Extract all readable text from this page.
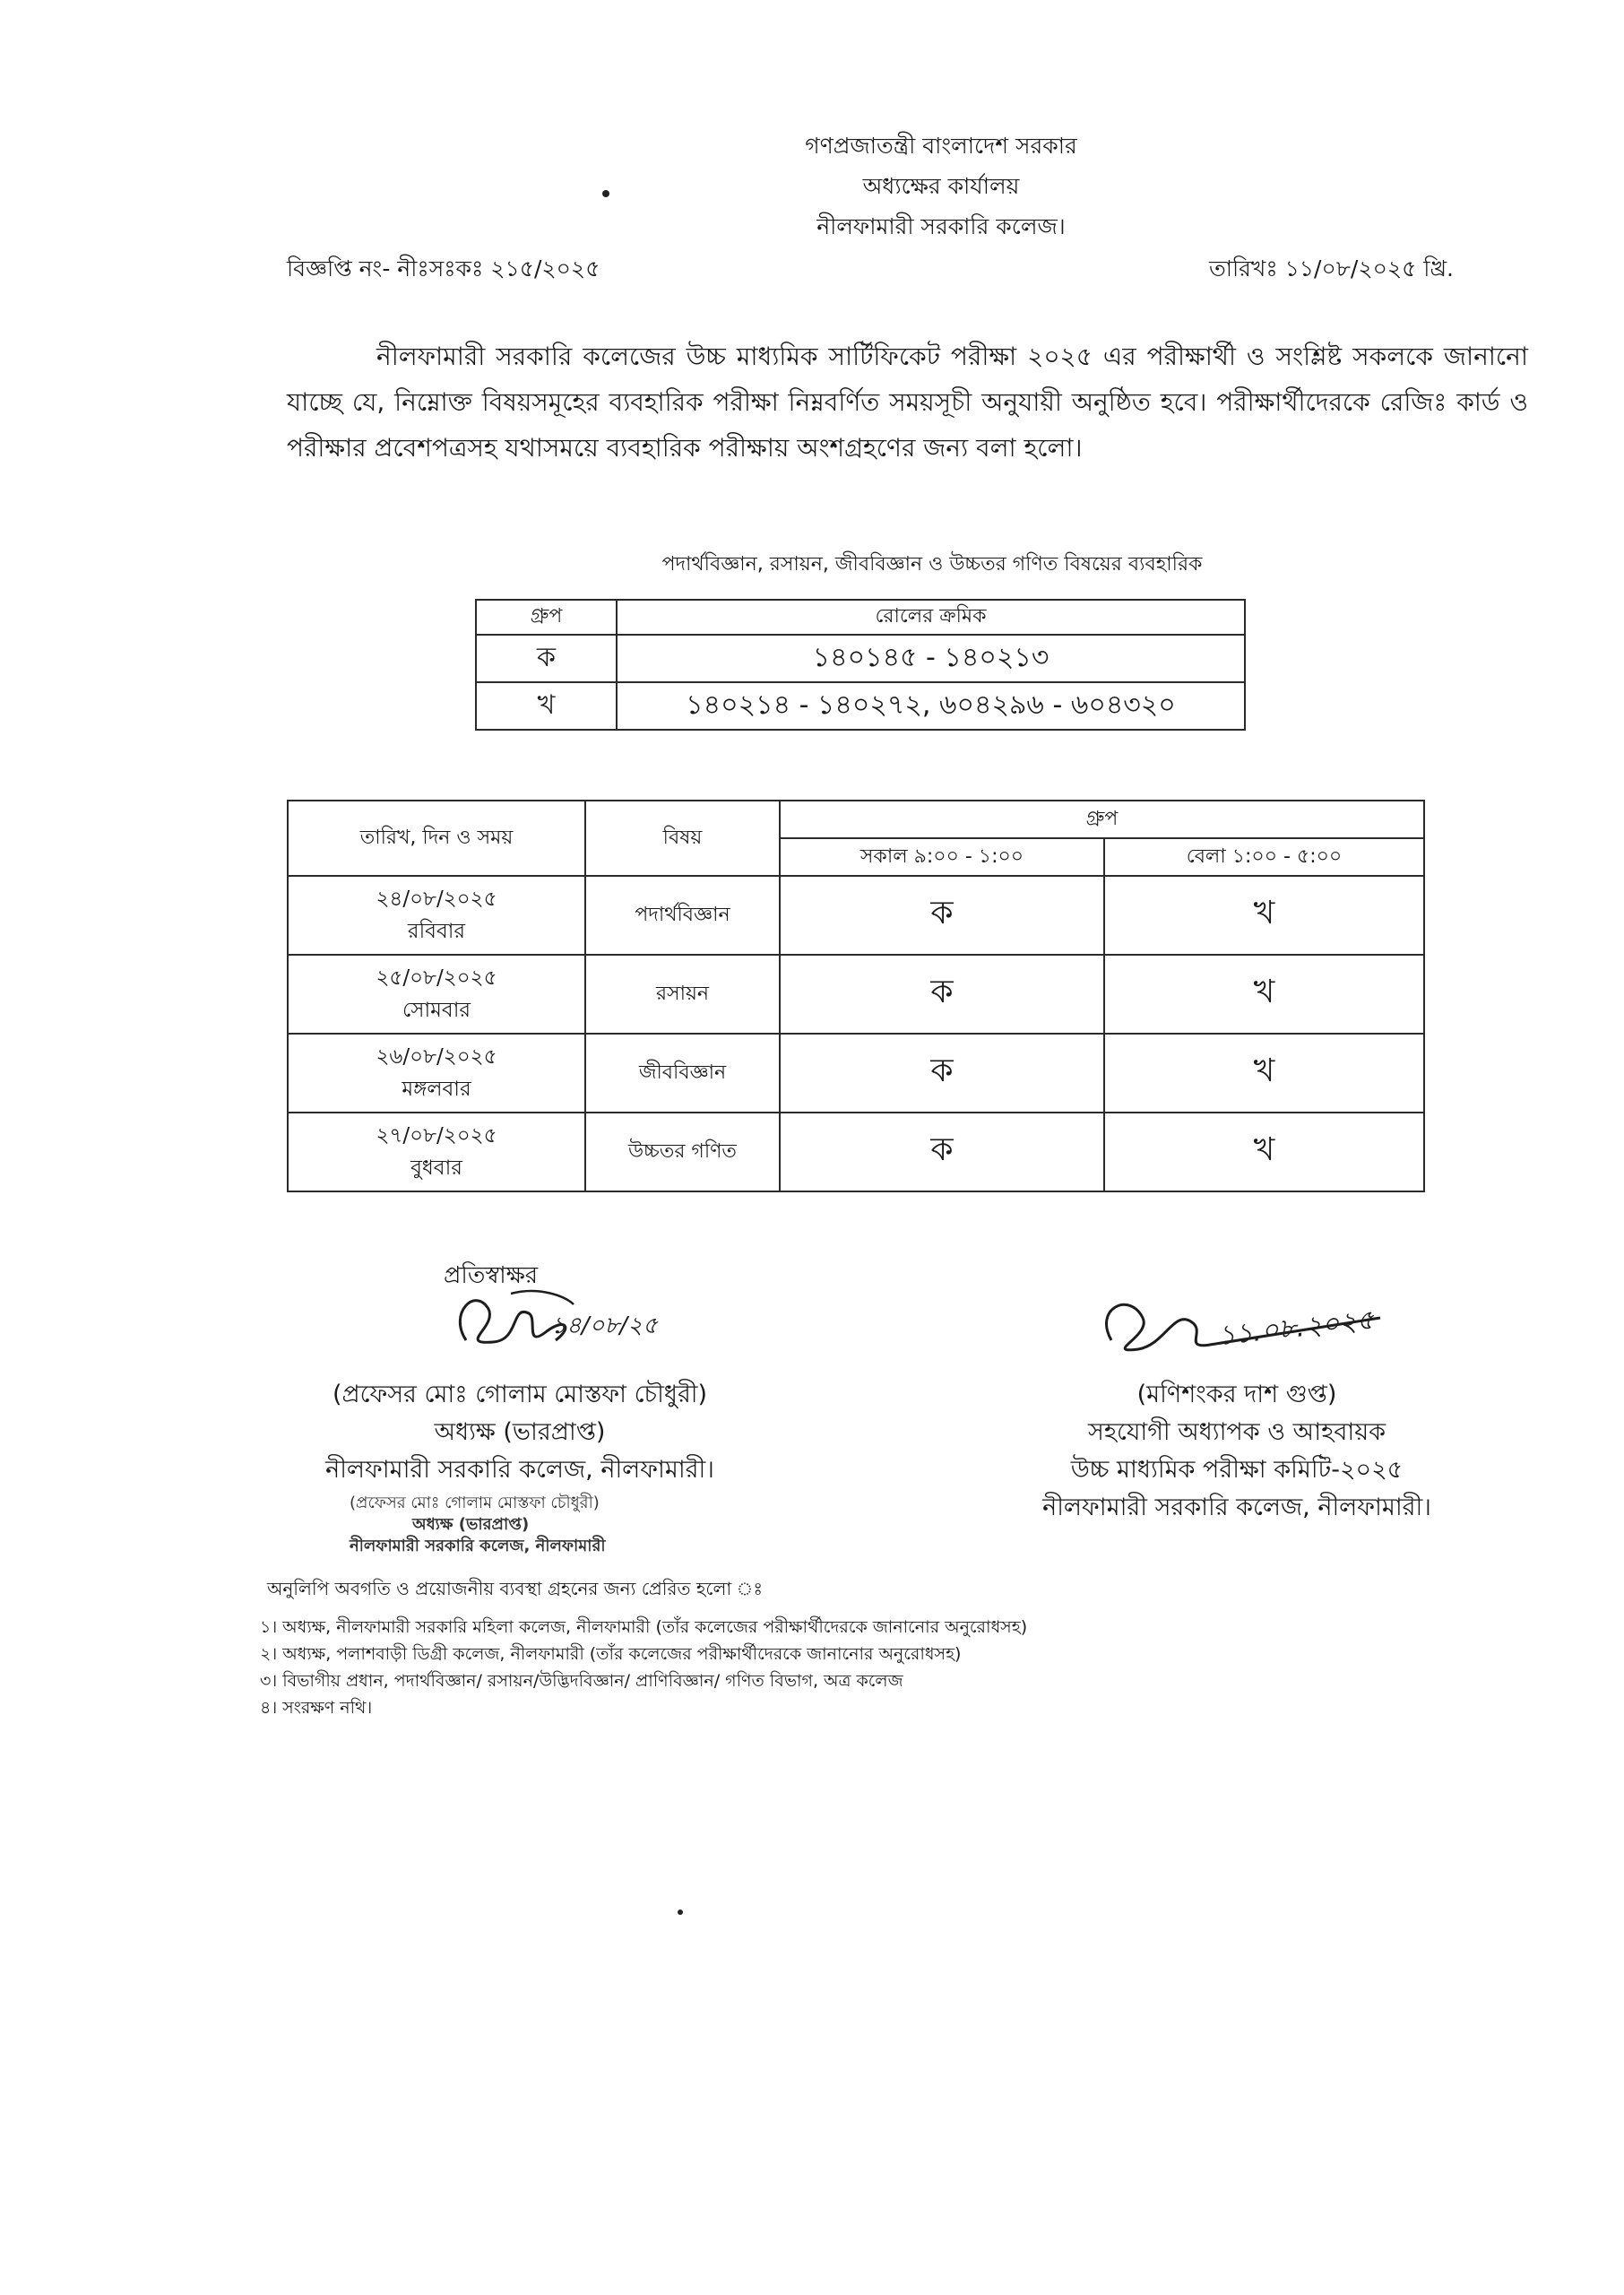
গণপ্রজাতন্ত্রী বাংলাদেশ সরকার
অধ্যক্ষের কার্যালয়
নীলফামারী সরকারি কলেজ।
বিজ্ঞপ্তি নং- নীঃসঃকঃ ২১৫/২০২৫	তারিখঃ ১১/০৮/২০২৫ খ্রি.
নীলফামারী সরকারি কলেজের উচ্চ মাধ্যমিক সার্টিফিকেট পরীক্ষা ২০২৫ এর পরীক্ষার্থী ও সংশ্লিষ্ট সকলকে জানানো যাচ্ছে যে, নিম্নোক্ত বিষয়সমূহের ব্যবহারিক পরীক্ষা নিম্নবর্ণিত সময়সূচী অনুযায়ী অনুষ্ঠিত হবে। পরীক্ষার্থীদেরকে রেজিঃ কার্ড ও পরীক্ষার প্রবেশপত্রসহ যথাসময়ে ব্যবহারিক পরীক্ষায় অংশগ্রহণের জন্য বলা হলো।
পদার্থবিজ্ঞান, রসায়ন, জীববিজ্ঞান ও উচ্চতর গণিত বিষয়ের ব্যবহারিক
গ্রুপ	রোলের ক্রমিক
ক	১৪০১৪৫ - ১৪০২১৩
খ	১৪০২১৪ - ১৪০২৭২, ৬০৪২৯৬ - ৬০৪৩২০
তারিখ, দিন ও সময়	বিষয়	গ্রুপ	
		সকাল ৯:০০ - ১:০০	বেলা ১:০০ - ৫:০০

২৪/০৮/২০২৫
রবিবার	পদার্থবিজ্ঞান	ক	খ

২৫/০৮/২০২৫
সোমবার	রসায়ন	ক	খ

২৬/০৮/২০২৫
মঙ্গলবার	জীববিজ্ঞান	ক	খ

২৭/০৮/২০২৫
বুধবার	উচ্চতর গণিত	ক	খ
প্রতিস্বাক্ষর
১৪/০৮/২৫
(প্রফেসর মোঃ গোলাম মোস্তফা চৌধুরী)
অধ্যক্ষ (ভারপ্রাপ্ত)
নীলফামারী সরকারি কলেজ, নীলফামারী।
১১.০৮.২০২৫
(মণিশংকর দাশ গুপ্ত)
সহযোগী অধ্যাপক ও আহবায়ক
উচ্চ মাধ্যমিক পরীক্ষা কমিটি-২০২৫
নীলফামারী সরকারি কলেজ, নীলফামারী।
(প্রফেসর মোঃ গোলাম মোস্তফা চৌধুরী)
অধ্যক্ষ (ভারপ্রাপ্ত)
নীলফামারী সরকারি কলেজ, নীলফামারী
অনুলিপি অবগতি ও প্রয়োজনীয় ব্যবস্থা গ্রহনের জন্য প্রেরিত হলো ঃ
১। অধ্যক্ষ, নীলফামারী সরকারি মহিলা কলেজ, নীলফামারী (তাঁর কলেজের পরীক্ষার্থীদেরকে জানানোর অনুরোধসহ)
২। অধ্যক্ষ, পলাশবাড়ী ডিগ্রী কলেজ, নীলফামারী (তাঁর কলেজের পরীক্ষার্থীদেরকে জানানোর অনুরোধসহ)
৩। বিভাগীয় প্রধান, পদার্থবিজ্ঞান/ রসায়ন/উদ্ভিদবিজ্ঞান/ প্রাণিবিজ্ঞান/ গণিত বিভাগ, অত্র কলেজ
৪। সংরক্ষণ নথি।
